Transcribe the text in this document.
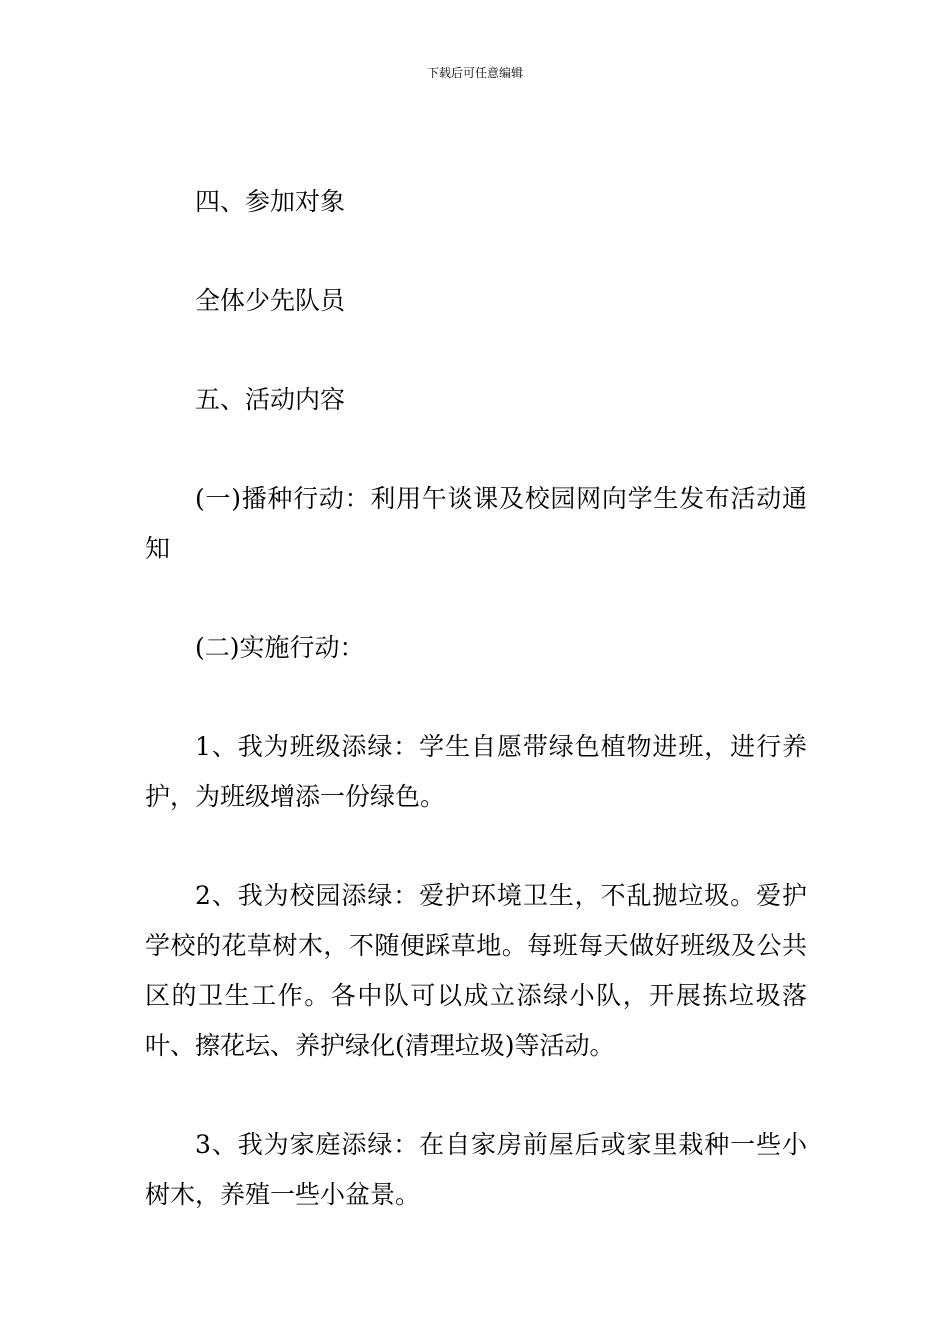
下载后可任意编辑

四、参加对象

全体少先队员

五、活动内容

(一)播种行动：利用午谈课及校园网向学生发布活动通知

(二)实施行动：

1、我为班级添绿：学生自愿带绿色植物进班，进行养护，为班级增添一份绿色。

2、我为校园添绿：爱护环境卫生，不乱抛垃圾。爱护学校的花草树木，不随便踩草地。每班每天做好班级及公共区的卫生工作。各中队可以成立添绿小队，开展拣垃圾落叶、擦花坛、养护绿化(清理垃圾)等活动。

3、我为家庭添绿：在自家房前屋后或家里栽种一些小树木，养殖一些小盆景。
